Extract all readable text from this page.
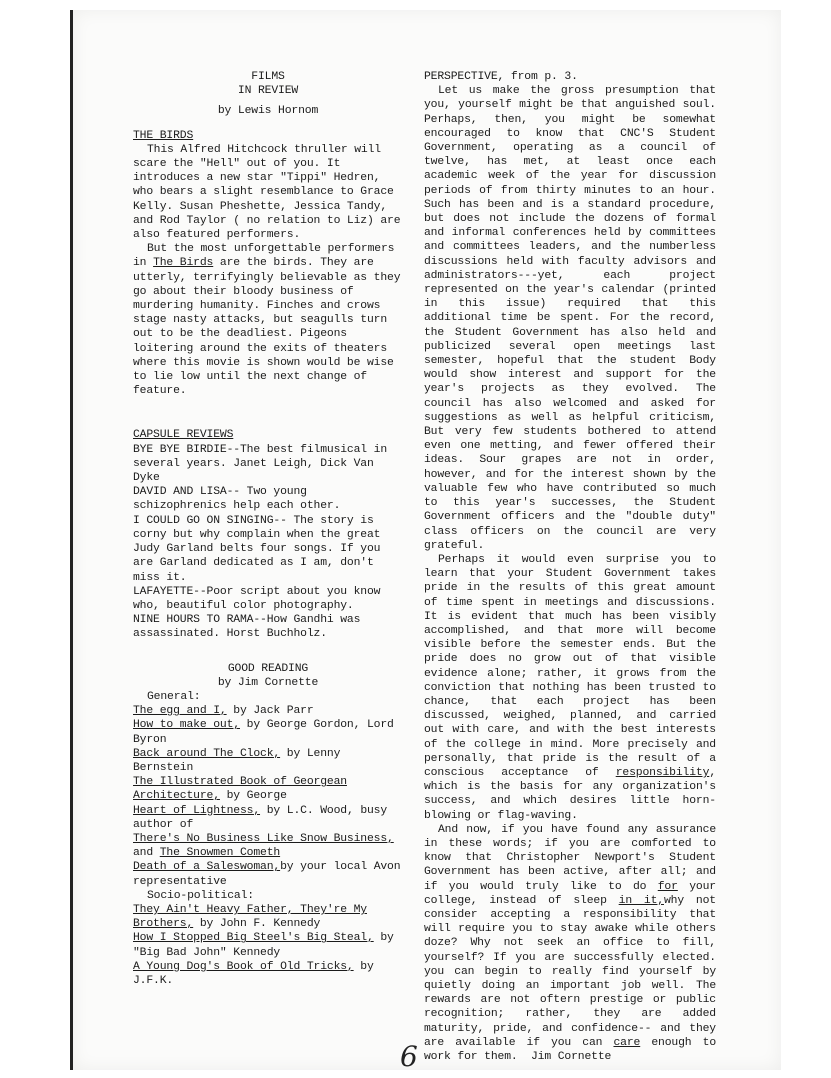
FILMS

IN REVIEW

by Lewis Hornom

THE BIRDS

This Alfred Hitchcock thruller will scare the "Hell" out of you. It introduces a new star "Tippi" Hedren, who bears a slight resemblance to Grace Kelly. Susan Pheshette, Jessica Tandy, and Rod Taylor ( no relation to Liz) are also featured performers.

But the most unforgettable performers in The Birds are the birds. They are utterly, terrifyingly believable as they go about their bloody business of murdering humanity. Finches and crows stage nasty attacks, but seagulls turn out to be the deadliest. Pigeons loitering around the exits of theaters where this movie is shown would be wise to lie low until the next change of feature.

CAPSULE REVIEWS

BYE BYE BIRDIE--The best filmusical in several years. Janet Leigh, Dick Van Dyke

DAVID AND LISA-- Two young schizophrenics help each other.

I COULD GO ON SINGING-- The story is corny but why complain when the great Judy Garland belts four songs. If you are Garland dedicated as I am, don't miss it.

LAFAYETTE--Poor script about you know who, beautiful color photography.

NINE HOURS TO RAMA--How Gandhi was assassinated. Horst Buchholz.

GOOD READING

by Jim Cornette

General:

The egg and I, by Jack Parr

How to make out, by George Gordon, Lord Byron

Back around The Clock, by Lenny Bernstein

The Illustrated Book of Georgean Architecture, by George

Heart of Lightness, by L.C. Wood, busy author of

There's No Business Like Snow Business, and The Snowmen Cometh

Death of a Saleswoman,by your local Avon representative

Socio-political:

They Ain't Heavy Father, They're My Brothers, by John F. Kennedy

How I Stopped Big Steel's Big Steal, by "Big Bad John" Kennedy

A Young Dog's Book of Old Tricks, by J.F.K.

PERSPECTIVE, from p. 3.

Let us make the gross presumption that you, yourself might be that anguished soul. Perhaps, then, you might be somewhat encouraged to know that CNC'S Student Government, operating as a council of twelve, has met, at least once each academic week of the year for discussion periods of from thirty minutes to an hour. Such has been and is a standard procedure, but does not include the dozens of formal and informal conferences held by committees and committees leaders, and the numberless discussions held with faculty advisors and administrators---yet, each project represented on the year's calendar (printed in this issue) required that this additional time be spent. For the record, the Student Government has also held and publicized several open meetings last semester, hopeful that the student Body would show interest and support for the year's projects as they evolved. The council has also welcomed and asked for suggestions as well as helpful criticism, But very few students bothered to attend even one metting, and fewer offered their ideas. Sour grapes are not in order, however, and for the interest shown by the valuable few who have contributed so much to this year's successes, the Student Government officers and the "double duty" class officers on the council are very grateful.

Perhaps it would even surprise you to learn that your Student Government takes pride in the results of this great amount of time spent in meetings and discussions. It is evident that much has been visibly accomplished, and that more will become visible before the semester ends. But the pride does no grow out of that visible evidence alone; rather, it grows from the conviction that nothing has been trusted to chance, that each project has been discussed, weighed, planned, and carried out with care, and with the best interests of the college in mind. More precisely and personally, that pride is the result of a conscious acceptance of responsibility, which is the basis for any organization's success, and which desires little horn-blowing or flag-waving.

And now, if you have found any assurance in these words; if you are comforted to know that Christopher Newport's Student Government has been active, after all; and if you would truly like to do for your college, instead of sleep in it,why not consider accepting a responsibility that will require you to stay awake while others doze? Why not seek an office to fill, yourself? If you are successfully elected. you can begin to really find yourself by quietly doing an important job well. The rewards are not oftern prestige or public recognition; rather, they are added maturity, pride, and confidence-- and they are available if you can care enough to work for them. Jim Cornette

6
